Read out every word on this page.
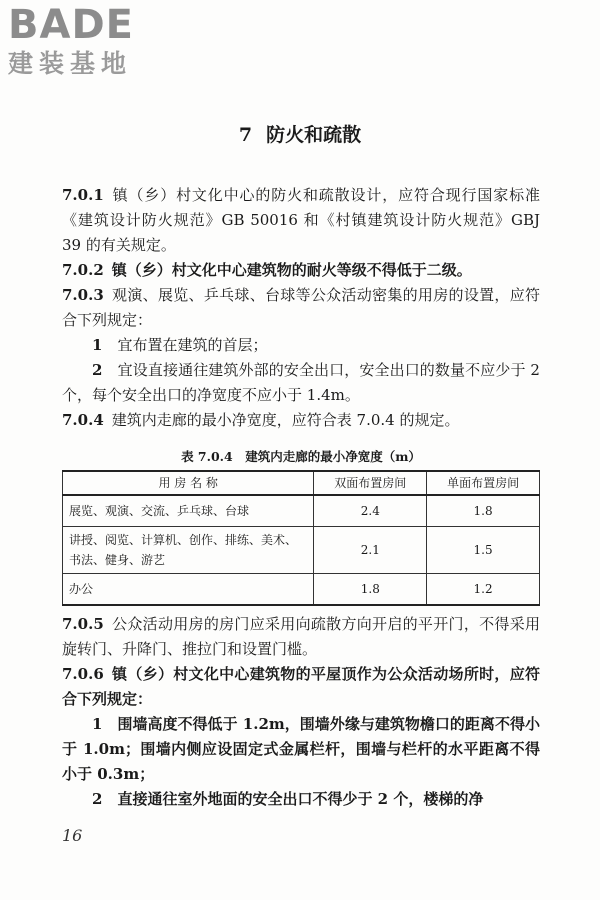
BADE
建装基地
7 防火和疏散
7.0.1 镇（乡）村文化中心的防火和疏散设计，应符合现行国家标准《建筑设计防火规范》GB 50016 和《村镇建筑设计防火规范》GBJ 39 的有关规定。
7.0.2 镇（乡）村文化中心建筑物的耐火等级不得低于二级。
7.0.3 观演、展览、乒乓球、台球等公众活动密集的用房的设置，应符合下列规定：
1　 宜布置在建筑的首层；
2　 宜设直接通往建筑外部的安全出口，安全出口的数量不应少于 2 个，每个安全出口的净宽度不应小于 1.4m。
7.0.4 建筑内走廊的最小净宽度，应符合表 7.0.4 的规定。
表 7.0.4　建筑内走廊的最小净宽度（m）
用 房 名 称	双面布置房间	单面布置房间
展览、观演、交流、乒乓球、台球	2.4	1.8
讲授、阅览、计算机、创作、排练、美术、书法、健身、游艺	2.1	1.5
办公	1.8	1.2
7.0.5 公众活动用房的房门应采用向疏散方向开启的平开门，不得采用旋转门、升降门、推拉门和设置门槛。
7.0.6 镇（乡）村文化中心建筑物的平屋顶作为公众活动场所时，应符合下列规定：
1　 围墙高度不得低于 1.2m，围墙外缘与建筑物檐口的距离不得小于 1.0m；围墙内侧应设固定式金属栏杆，围墙与栏杆的水平距离不得小于 0.3m；
2　 直接通往室外地面的安全出口不得少于 2 个，楼梯的净
16
